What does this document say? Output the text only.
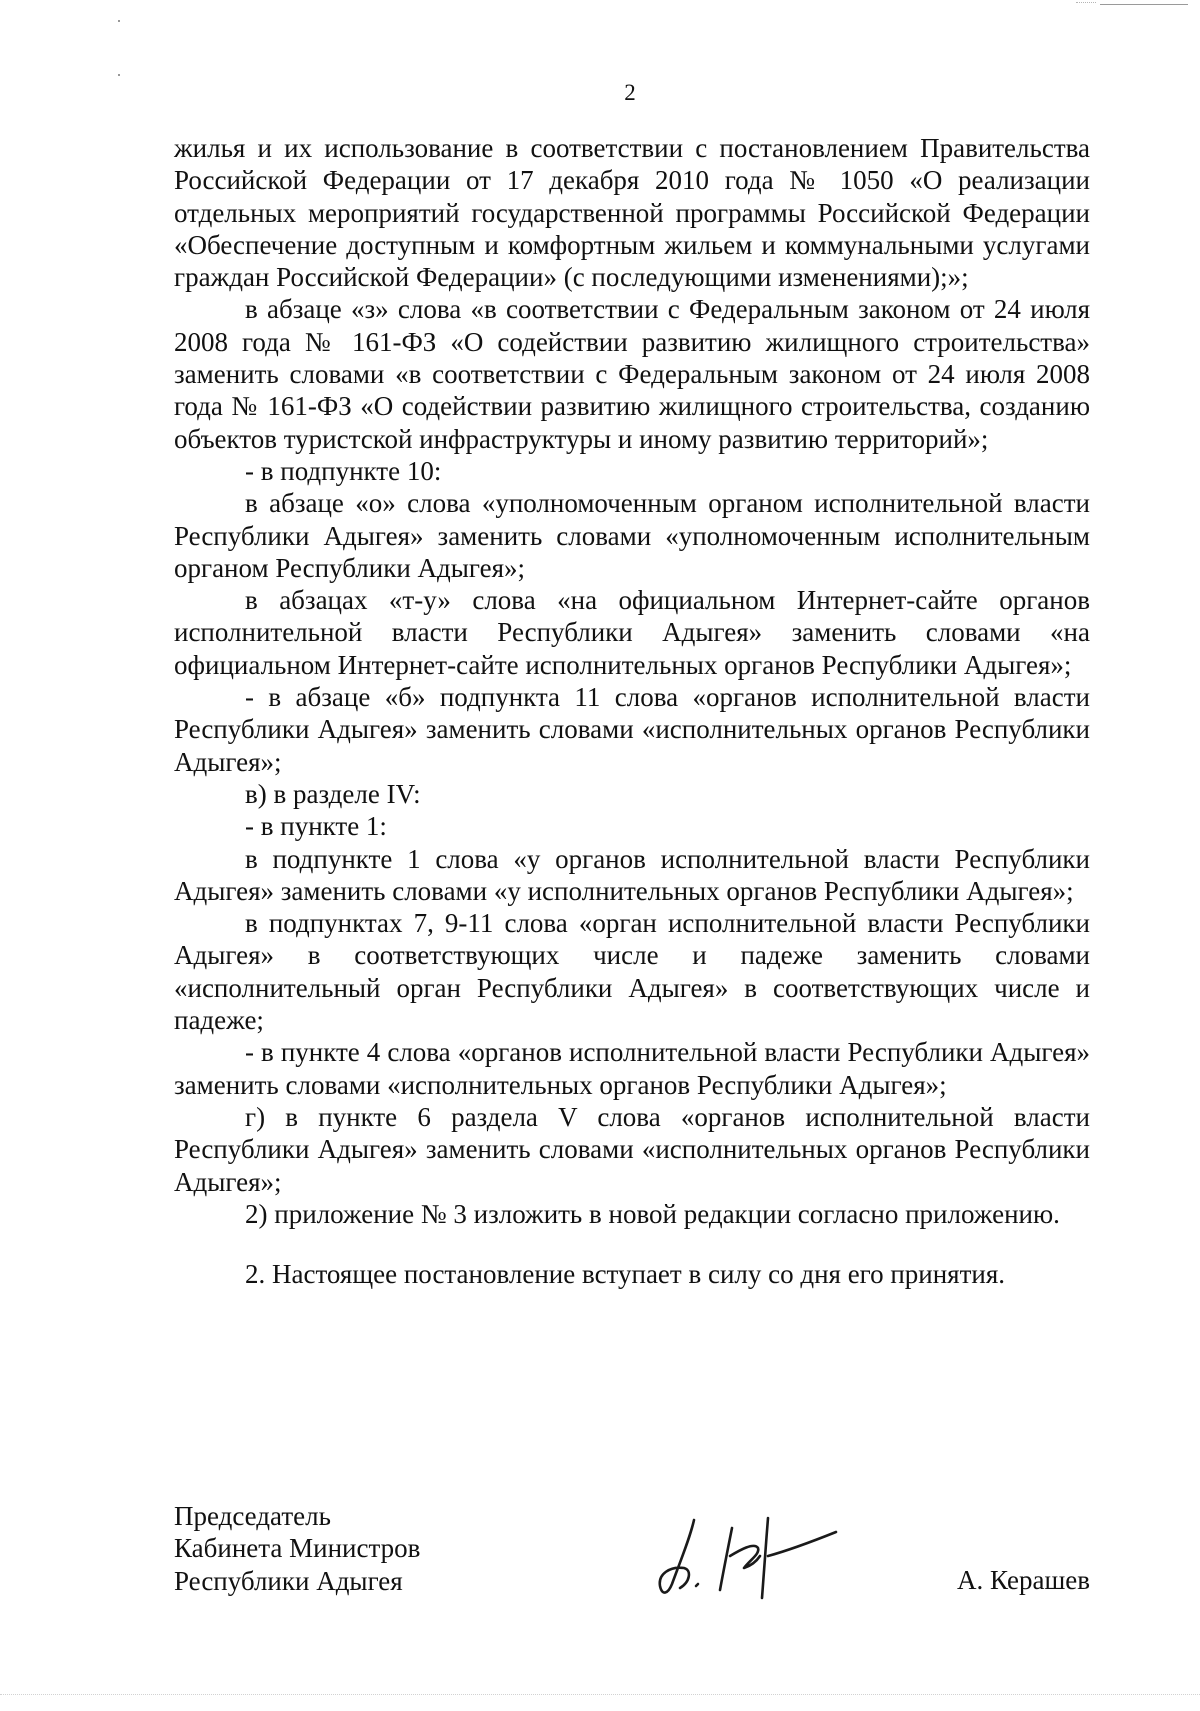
2

жилья и их использование в соответствии с постановлением Правительства Российской Федерации от 17 декабря 2010 года № 1050 «О реализации отдельных мероприятий государственной программы Российской Федерации «Обеспечение доступным и комфортным жильем и коммунальными услугами граждан Российской Федерации» (с последующими изменениями);»;

в абзаце «з» слова «в соответствии с Федеральным законом от 24 июля 2008 года № 161-ФЗ «О содействии развитию жилищного строительства» заменить словами «в соответствии с Федеральным законом от 24 июля 2008 года № 161-ФЗ «О содействии развитию жилищного строительства, созданию объектов туристской инфраструктуры и иному развитию территорий»;

- в подпункте 10:

в абзаце «о» слова «уполномоченным органом исполнительной власти Республики Адыгея» заменить словами «уполномоченным исполнительным органом Республики Адыгея»;

в абзацах «т-у» слова «на официальном Интернет-сайте органов исполнительной власти Республики Адыгея» заменить словами «на официальном Интернет-сайте исполнительных органов Республики Адыгея»;

- в абзаце «б» подпункта 11 слова «органов исполнительной власти Республики Адыгея» заменить словами «исполнительных органов Республики Адыгея»;

в) в разделе IV:

- в пункте 1:

в подпункте 1 слова «у органов исполнительной власти Республики Адыгея» заменить словами «у исполнительных органов Республики Адыгея»;

в подпунктах 7, 9-11 слова «орган исполнительной власти Республики Адыгея» в соответствующих числе и падеже заменить словами «исполнительный орган Республики Адыгея» в соответствующих числе и падеже;

- в пункте 4 слова «органов исполнительной власти Республики Адыгея» заменить словами «исполнительных органов Республики Адыгея»;

г) в пункте 6 раздела V слова «органов исполнительной власти Республики Адыгея» заменить словами «исполнительных органов Республики Адыгея»;

2) приложение № 3 изложить в новой редакции согласно приложению.

2. Настоящее постановление вступает в силу со дня его принятия.

Председатель
Кабинета Министров
Республики Адыгея	А. Керашев
